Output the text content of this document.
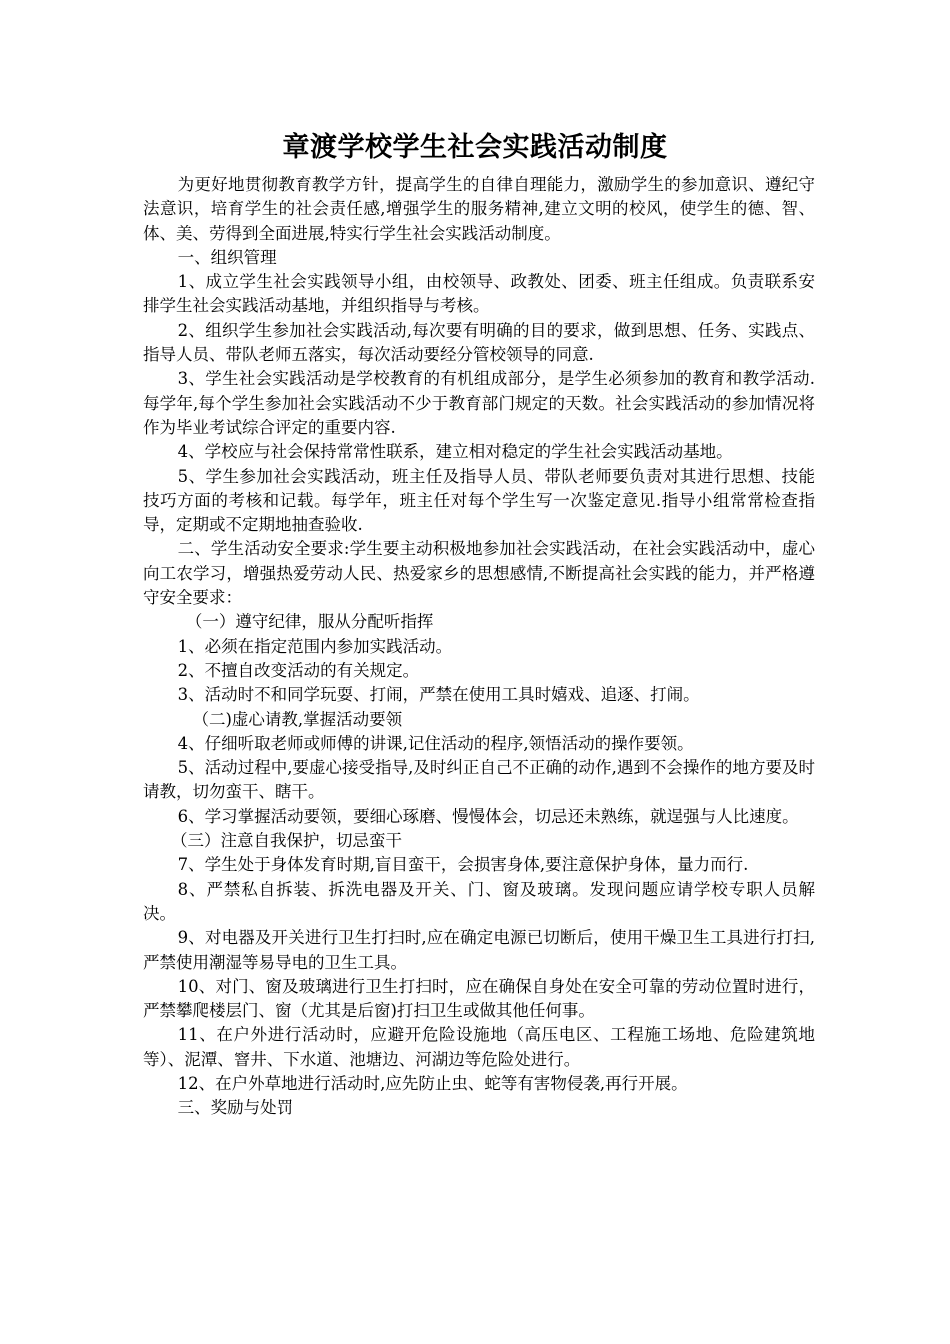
章渡学校学生社会实践活动制度

为更好地贯彻教育教学方针，提高学生的自律自理能力，激励学生的参加意识、遵纪守法意识，培育学生的社会责任感,增强学生的服务精神,建立文明的校风，使学生的德、智、体、美、劳得到全面进展,特实行学生社会实践活动制度。

一、组织管理

1、成立学生社会实践领导小组，由校领导、政教处、团委、班主任组成。负责联系安排学生社会实践活动基地，并组织指导与考核。

2、组织学生参加社会实践活动,每次要有明确的目的要求，做到思想、任务、实践点、指导人员、带队老师五落实，每次活动要经分管校领导的同意.

3、学生社会实践活动是学校教育的有机组成部分，是学生必须参加的教育和教学活动.每学年,每个学生参加社会实践活动不少于教育部门规定的天数。社会实践活动的参加情况将作为毕业考试综合评定的重要内容.

4、学校应与社会保持常常性联系，建立相对稳定的学生社会实践活动基地。

5、学生参加社会实践活动，班主任及指导人员、带队老师要负责对其进行思想、技能技巧方面的考核和记载。每学年，班主任对每个学生写一次鉴定意见.指导小组常常检查指导，定期或不定期地抽查验收.

二、学生活动安全要求:学生要主动积极地参加社会实践活动，在社会实践活动中，虚心向工农学习，增强热爱劳动人民、热爱家乡的思想感情,不断提高社会实践的能力，并严格遵守安全要求：

（一）遵守纪律，服从分配听指挥

1、必须在指定范围内参加实践活动。

2、不擅自改变活动的有关规定。

3、活动时不和同学玩耍、打闹，严禁在使用工具时嬉戏、追逐、打闹。

（二)虚心请教,掌握活动要领

4、仔细听取老师或师傅的讲课,记住活动的程序,领悟活动的操作要领。

5、活动过程中,要虚心接受指导,及时纠正自己不正确的动作,遇到不会操作的地方要及时请教，切勿蛮干、瞎干。

6、学习掌握活动要领，要细心琢磨、慢慢体会，切忌还未熟练，就逞强与人比速度。

（三）注意自我保护，切忌蛮干

7、学生处于身体发育时期,盲目蛮干，会损害身体,要注意保护身体，量力而行.

8、严禁私自拆装、拆洗电器及开关、门、窗及玻璃。发现问题应请学校专职人员解决。

9、对电器及开关进行卫生打扫时,应在确定电源已切断后，使用干燥卫生工具进行打扫,严禁使用潮湿等易导电的卫生工具。

10、对门、窗及玻璃进行卫生打扫时，应在确保自身处在安全可靠的劳动位置时进行，严禁攀爬楼层门、窗（尤其是后窗)打扫卫生或做其他任何事。

11、在户外进行活动时，应避开危险设施地（高压电区、工程施工场地、危险建筑地等）、泥潭、窨井、下水道、池塘边、河湖边等危险处进行。

12、在户外草地进行活动时,应先防止虫、蛇等有害物侵袭,再行开展。

三、奖励与处罚
